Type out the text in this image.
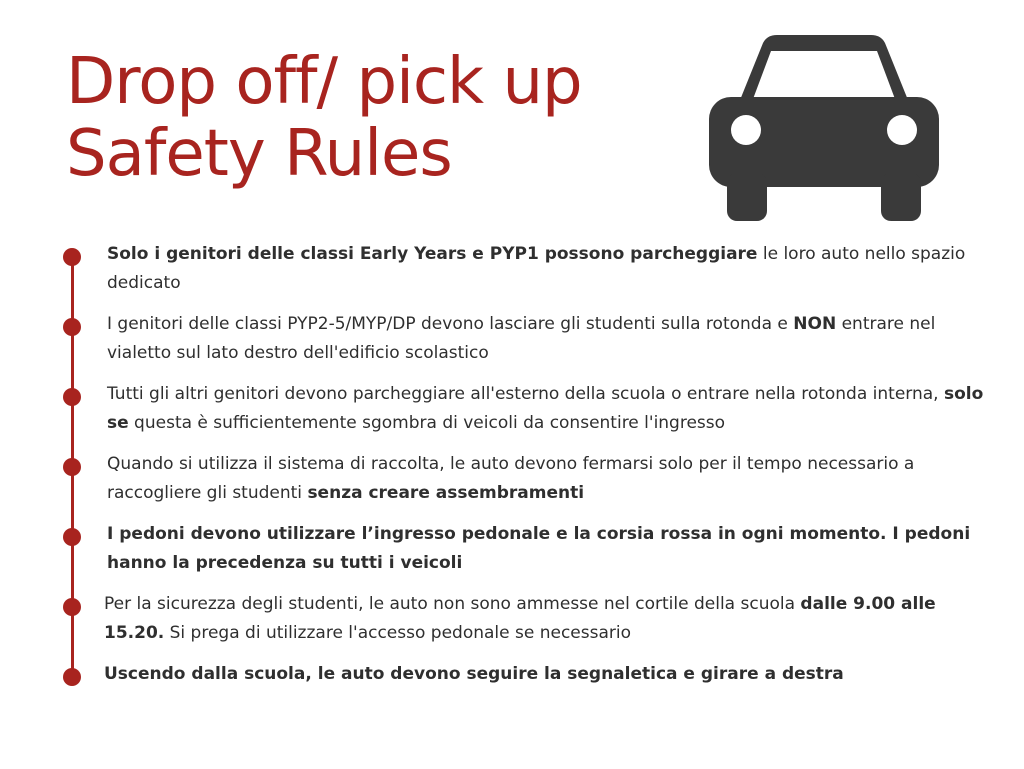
Drop off/ pick up
Safety Rules

Solo i genitori delle classi Early Years e PYP1 possono parcheggiare le loro auto nello spazio dedicato

I genitori delle classi PYP2-5/MYP/DP devono lasciare gli studenti sulla rotonda e NON entrare nel vialetto sul lato destro dell'edificio scolastico

Tutti gli altri genitori devono parcheggiare all'esterno della scuola o entrare nella rotonda interna, solo se questa è sufficientemente sgombra di veicoli da consentire l'ingresso

Quando si utilizza il sistema di raccolta, le auto devono fermarsi solo per il tempo necessario a raccogliere gli studenti senza creare assembramenti

I pedoni devono utilizzare l’ingresso pedonale e la corsia rossa in ogni momento. I pedoni hanno la precedenza su tutti i veicoli

Per la sicurezza degli studenti, le auto non sono ammesse nel cortile della scuola dalle 9.00 alle 15.20. Si prega di utilizzare l'accesso pedonale se necessario

Uscendo dalla scuola, le auto devono seguire la segnaletica e girare a destra
